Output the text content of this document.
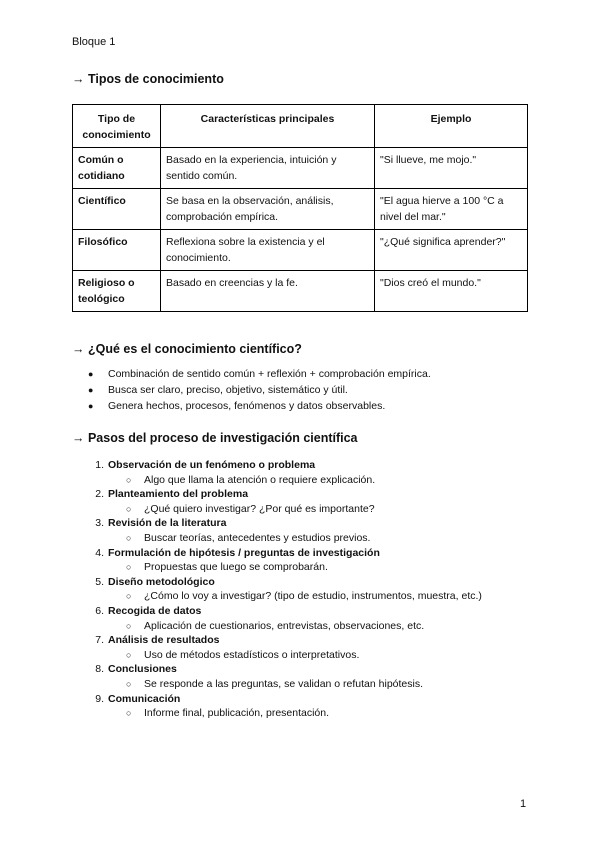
Bloque 1
→ Tipos de conocimiento
Tipo de conocimiento	Características principales	Ejemplo
Común o cotidiano	Basado en la experiencia, intuición y sentido común.	"Si llueve, me mojo."
Científico	Se basa en la observación, análisis, comprobación empírica.	"El agua hierve a 100 °C a nivel del mar."
Filosófico	Reflexiona sobre la existencia y el conocimiento.	"¿Qué significa aprender?"
Religioso o teológico	Basado en creencias y la fe.	"Dios creó el mundo."
→ ¿Qué es el conocimiento científico?
● Combinación de sentido común + reflexión + comprobación empírica.
● Busca ser claro, preciso, objetivo, sistemático y útil.
● Genera hechos, procesos, fenómenos y datos observables.
→ Pasos del proceso de investigación científica
1. Observación de un fenómeno o problema
○ Algo que llama la atención o requiere explicación.
2. Planteamiento del problema
○ ¿Qué quiero investigar? ¿Por qué es importante?
3. Revisión de la literatura
○ Buscar teorías, antecedentes y estudios previos.
4. Formulación de hipótesis / preguntas de investigación
○ Propuestas que luego se comprobarán.
5. Diseño metodológico
○ ¿Cómo lo voy a investigar? (tipo de estudio, instrumentos, muestra, etc.)
6. Recogida de datos
○ Aplicación de cuestionarios, entrevistas, observaciones, etc.
7. Análisis de resultados
○ Uso de métodos estadísticos o interpretativos.
8. Conclusiones
○ Se responde a las preguntas, se validan o refutan hipótesis.
9. Comunicación
○ Informe final, publicación, presentación.
1
